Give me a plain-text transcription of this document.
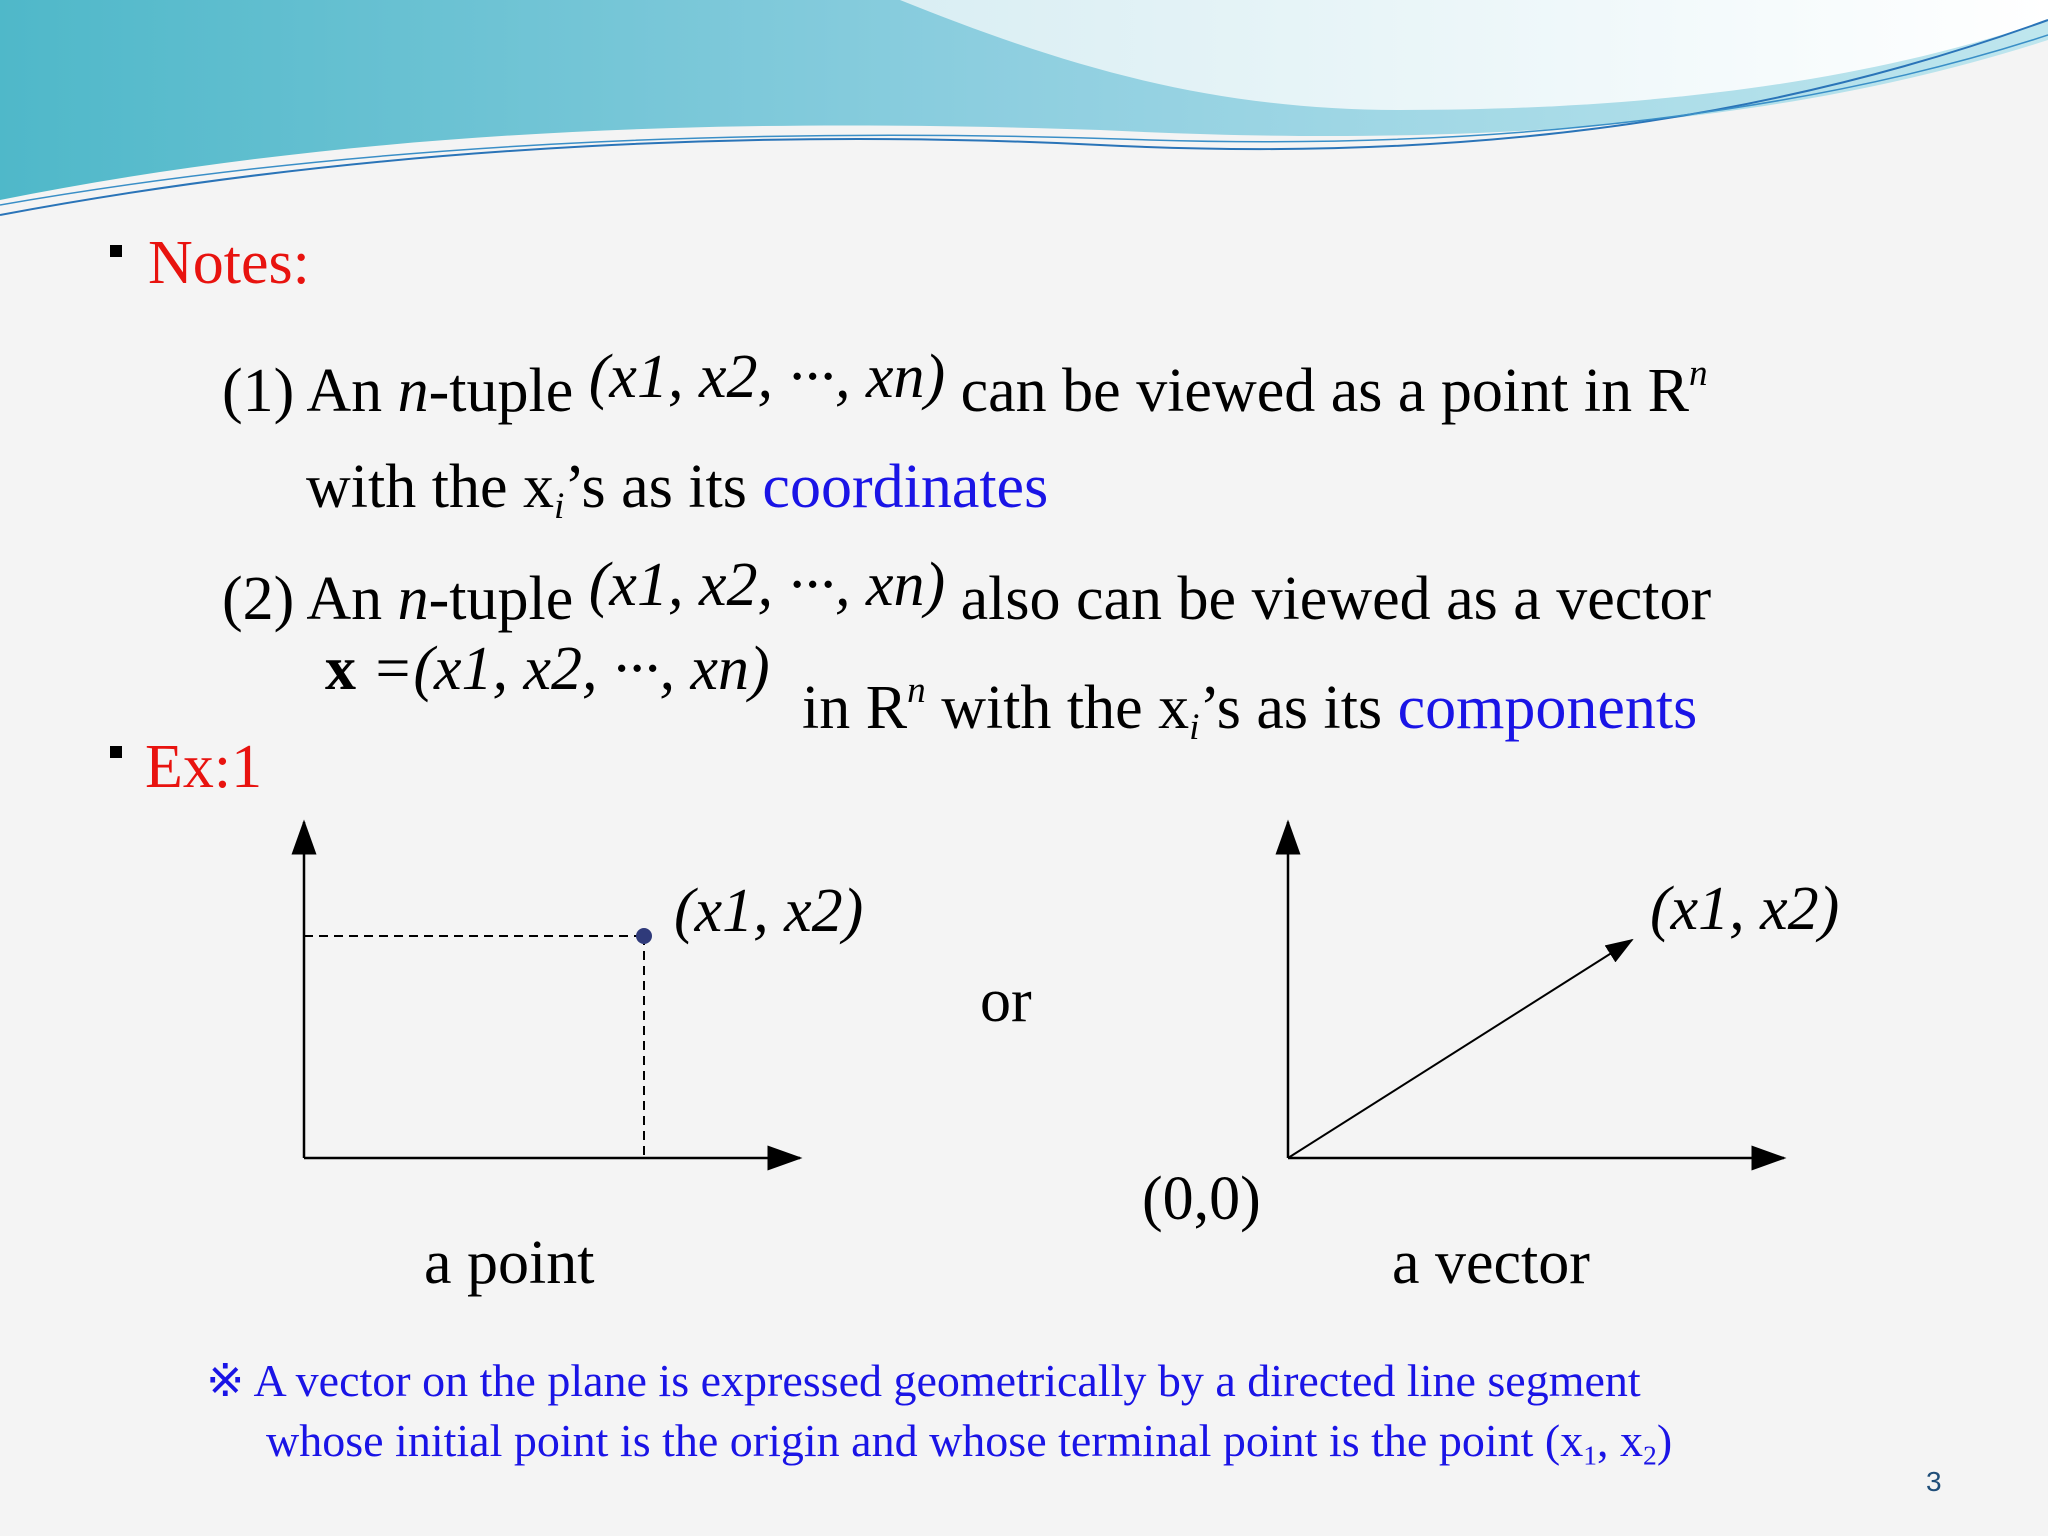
Notes:
(1) An n-tuple (x1, x2, ···, xn) can be viewed as a point in $R^n$
with the $x_i’s$ as its coordinates
(2) An n-tuple (x1, x2, ···, xn) also can be viewed as a vector
x =(x1, x2, ···, xn)
in $R^n$ with the $x_i’s$ as its components
Ex:1
(x1, x2)
or
(x1, x2)
(0,0)
a point	a vector
※ A vector on the plane is expressed geometrically by a directed line segment
whose initial point is the origin and whose terminal point is the point ($x_1$, $x_2$)
3
